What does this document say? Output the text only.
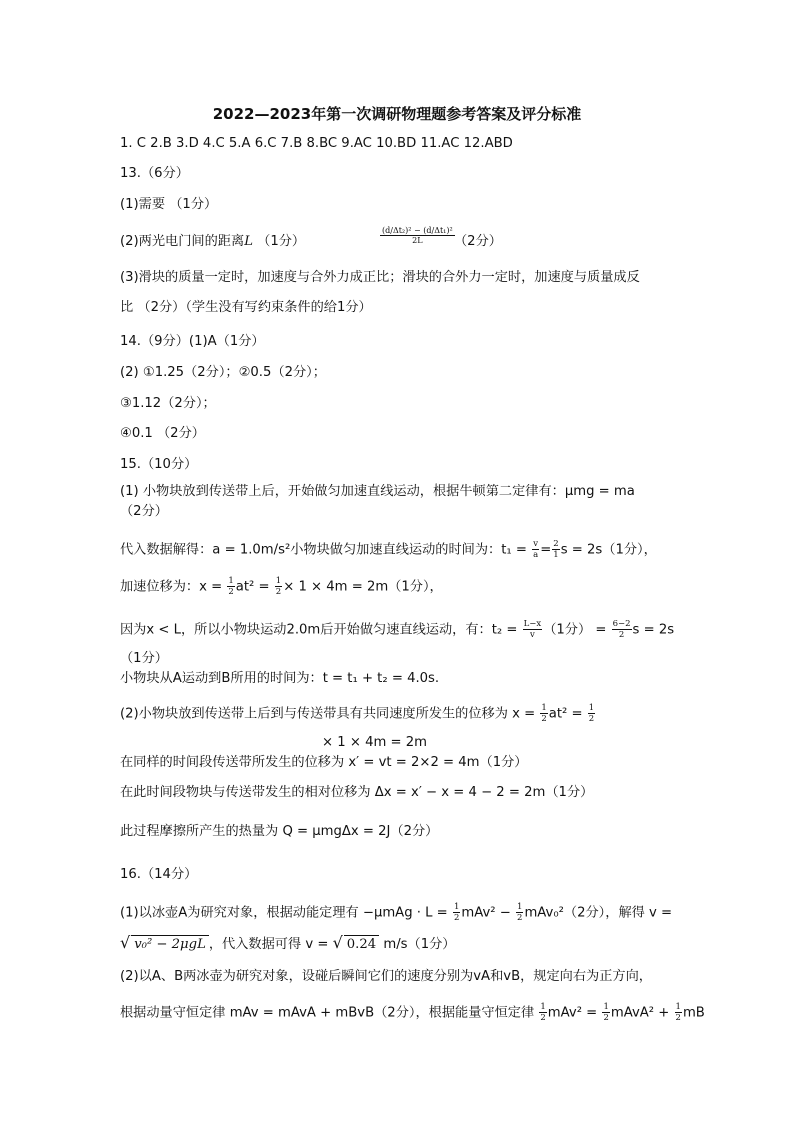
2022—2023年第一次调研物理题参考答案及评分标准
1. C 2.B 3.D 4.C 5.A 6.C 7.B 8.BC 9.AC 10.BD 11.AC 12.ABD
13.（6分）
(1)需要 （1分）
(2)两光电门间的距离L （1分）	$\frac{\text{(d/Δt₂)² − (d/Δt₁)²}}{2L} (2$分）
(3)滑块的质量一定时，加速度与合外力成正比；滑块的合外力一定时，加速度与质量成反
比 （2分）（学生没有写约束条件的给1分）
14.（9分）(1)A（1分）
(2) ①1.25（2分）；②0.5（2分）；
③1.12（2分）；
④0.1 （2分）
15.（10分）
(1) 小物块放到传送带上后，开始做匀加速直线运动，根据牛顿第二定律有：μmg = ma
（2分）
代入数据解得：a = 1.0m/s²小物块做匀加速直线运动的时间为：$t_1 = \frac{v}{a} = \frac{2}{1}$ s = 2s（1分），
加速位移为：$x = \frac{1}{2} at^2 = \frac{1}{2} \times 1 \times 4m = 2m(1$分），
因为x < L，所以小物块运动2.0m后开始做匀速直线运动，有：$t_2 = \frac{L-x}{v} (1$分） = $\frac{6-2}{2}$ s = 2s
（1分）
小物块从A运动到B所用的时间为：t = t₁ + t₂ = 4.0s.
(2)小物块放到传送带上后到与传送带具有共同速度所发生的位移为 $x = \frac{1}{2} at^2 = \frac{1}{2}$
× 1 × 4m = 2m
在同样的时间段传送带所发生的位移为 x′ = vt = 2×2 = 4m（1分）
在此时间段物块与传送带发生的相对位移为 Δx = x′ − x = 4 − 2 = 2m（1分）
此过程摩擦所产生的热量为 Q = μmgΔx = 2J（2分）
16.（14分）
(1)以冰壶A为研究对象，根据动能定理有 $-\mu mAg \cdot L = \frac{1}{2} mAv^2 - \frac{1}{2} mAv_0^2(2$分），解得 v =
√ v₀² − 2μgL ，代入数据可得 v = √ 0.24 m/s（1分）
(2)以A、B两冰壶为研究对象，设碰后瞬间它们的速度分别为vA和vB，规定向右为正方向，
根据动量守恒定律 mAv = mAvA + mBvB（2分），根据能量守恒定律 $\frac{1}{2} mAv^2 = \frac{1}{2}$ mAvA² + $\frac{1}{2}$ mB
